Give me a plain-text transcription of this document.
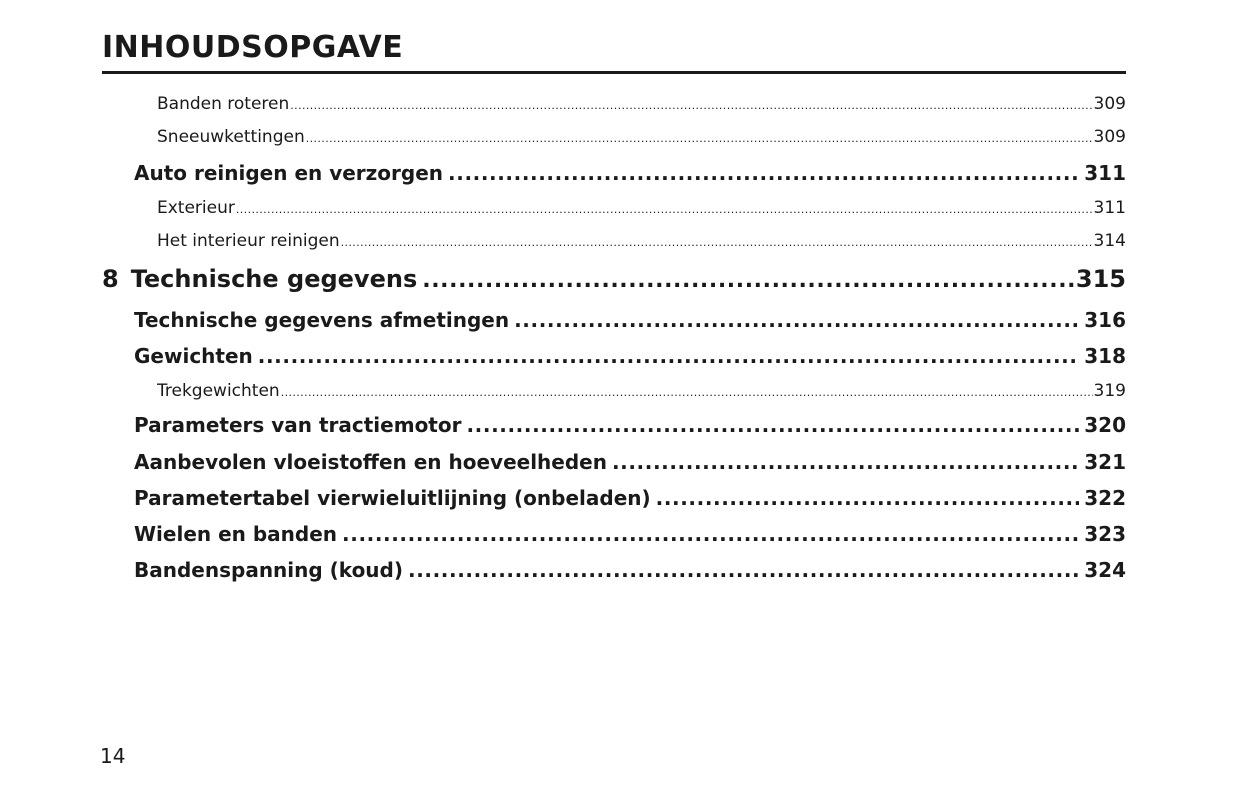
INHOUDSOPGAVE
Banden roteren .....	309
Sneeuwkettingen .....	309
Auto reinigen en verzorgen .....	311
Exterieur .....	311
Het interieur reinigen .....	314
8 Technische gegevens .....	315
Technische gegevens afmetingen .....	316
Gewichten .....	318
Trekgewichten .....	319
Parameters van tractiemotor .....	320
Aanbevolen vloeistoffen en hoeveelheden .....	321
Parametertabel vierwieluitlijning (onbeladen) .....	322
Wielen en banden .....	323
Bandenspanning (koud) .....	324
14
